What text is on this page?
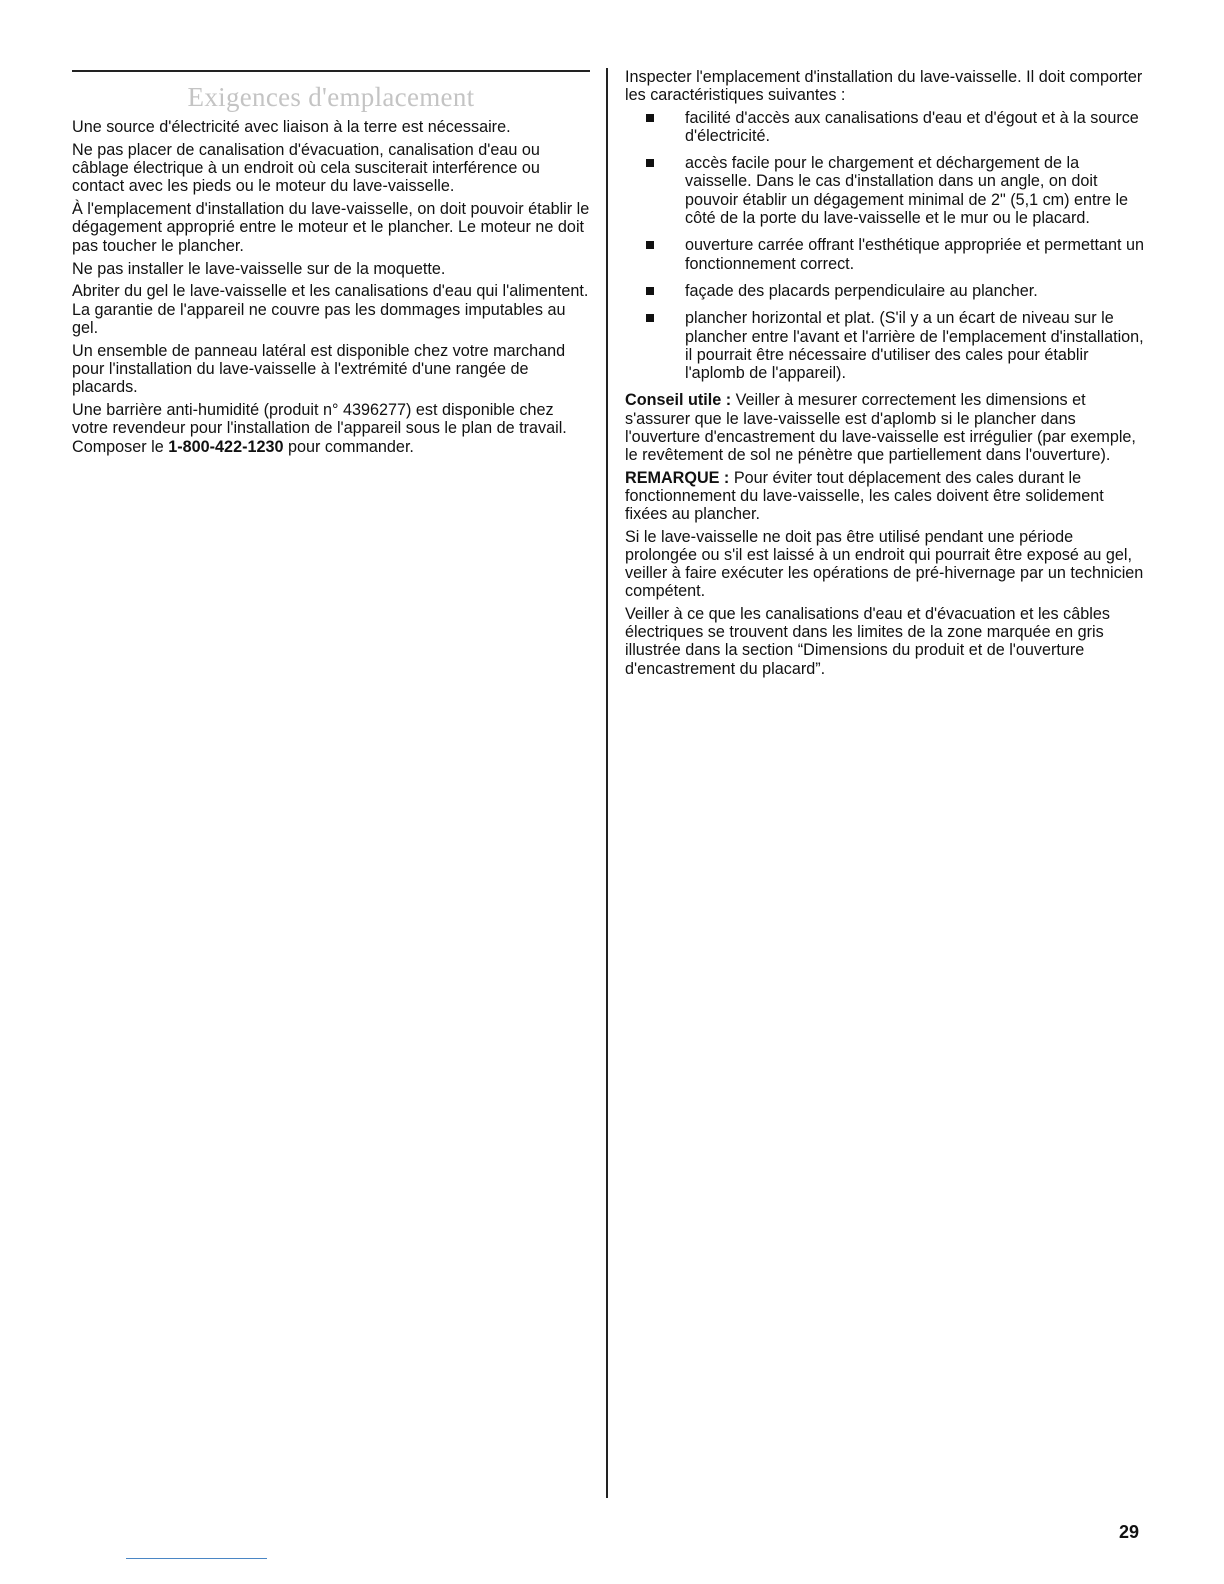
Exigences d'emplacement

Une source d'électricité avec liaison à la terre est nécessaire.

Ne pas placer de canalisation d'évacuation, canalisation d'eau ou câblage électrique à un endroit où cela susciterait interférence ou contact avec les pieds ou le moteur du lave-vaisselle.

À l'emplacement d'installation du lave-vaisselle, on doit pouvoir établir le dégagement approprié entre le moteur et le plancher. Le moteur ne doit pas toucher le plancher.

Ne pas installer le lave-vaisselle sur de la moquette.

Abriter du gel le lave-vaisselle et les canalisations d'eau qui l'alimentent. La garantie de l'appareil ne couvre pas les dommages imputables au gel.

Un ensemble de panneau latéral est disponible chez votre marchand pour l'installation du lave-vaisselle à l'extrémité d'une rangée de placards.

Une barrière anti-humidité (produit n° 4396277) est disponible chez votre revendeur pour l'installation de l'appareil sous le plan de travail. Composer le 1-800-422-1230 pour commander.

Inspecter l'emplacement d'installation du lave-vaisselle. Il doit comporter les caractéristiques suivantes :

facilité d'accès aux canalisations d'eau et d'égout et à la source d'électricité.
accès facile pour le chargement et déchargement de la vaisselle. Dans le cas d'installation dans un angle, on doit pouvoir établir un dégagement minimal de 2" (5,1 cm) entre le côté de la porte du lave-vaisselle et le mur ou le placard.
ouverture carrée offrant l'esthétique appropriée et permettant un fonctionnement correct.
façade des placards perpendiculaire au plancher.
plancher horizontal et plat. (S'il y a un écart de niveau sur le plancher entre l'avant et l'arrière de l'emplacement d'installation, il pourrait être nécessaire d'utiliser des cales pour établir l'aplomb de l'appareil).

Conseil utile : Veiller à mesurer correctement les dimensions et s'assurer que le lave-vaisselle est d'aplomb si le plancher dans l'ouverture d'encastrement du lave-vaisselle est irrégulier (par exemple, le revêtement de sol ne pénètre que partiellement dans l'ouverture).

REMARQUE : Pour éviter tout déplacement des cales durant le fonctionnement du lave-vaisselle, les cales doivent être solidement fixées au plancher.

Si le lave-vaisselle ne doit pas être utilisé pendant une période prolongée ou s'il est laissé à un endroit qui pourrait être exposé au gel, veiller à faire exécuter les opérations de pré-hivernage par un technicien compétent.

Veiller à ce que les canalisations d'eau et d'évacuation et les câbles électriques se trouvent dans les limites de la zone marquée en gris illustrée dans la section “Dimensions du produit et de l'ouverture d'encastrement du placard”.

29
